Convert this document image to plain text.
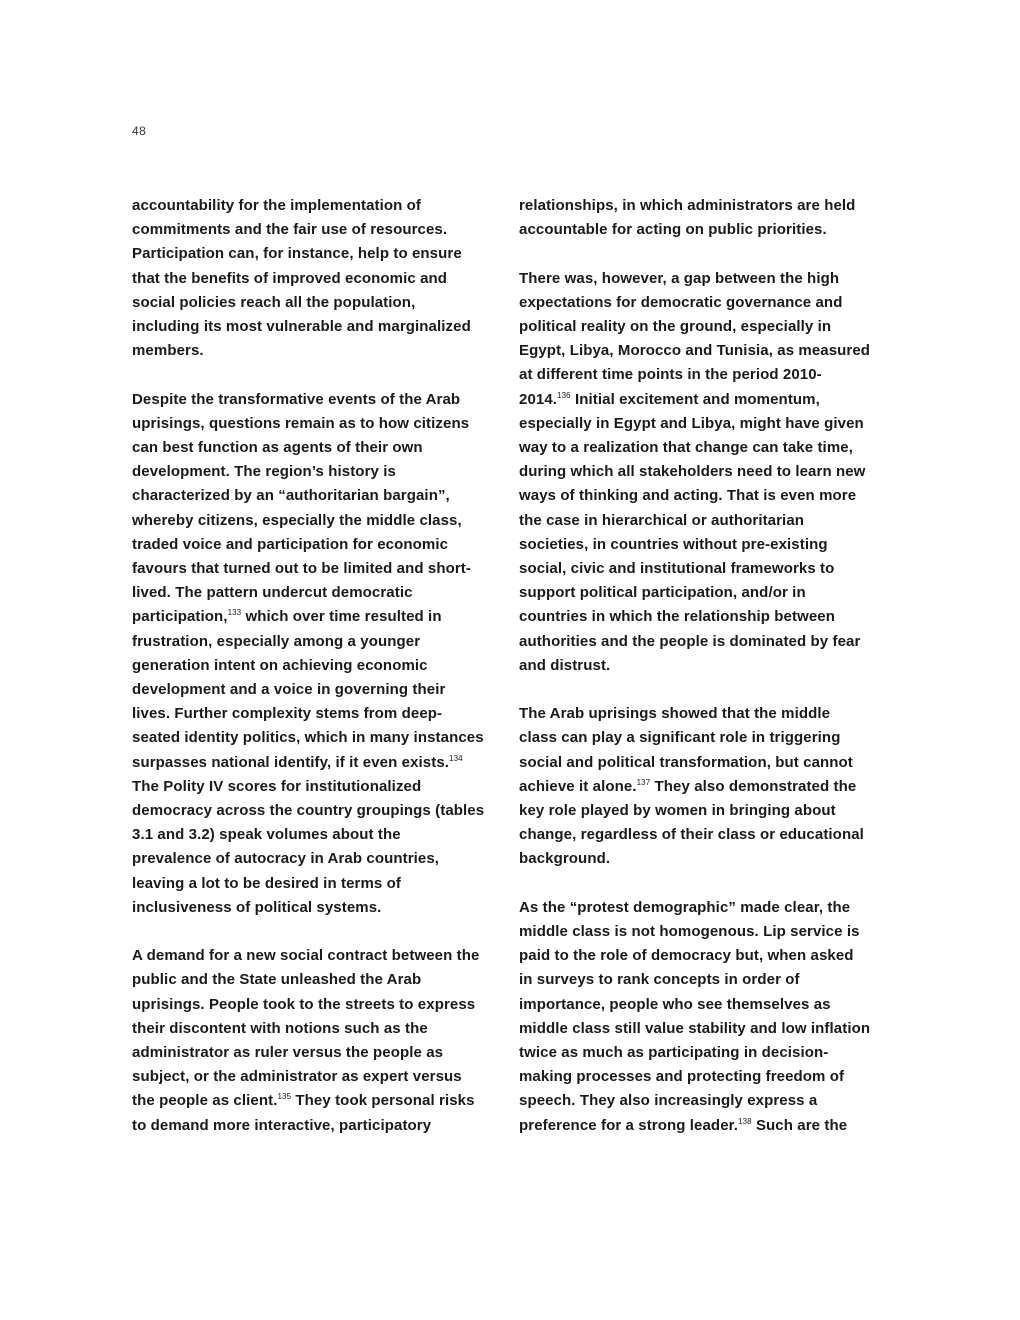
48

accountability for the implementation of
commitments and the fair use of resources.
Participation can, for instance, help to ensure
that the benefits of improved economic and
social policies reach all the population,
including its most vulnerable and marginalized
members.

Despite the transformative events of the Arab
uprisings, questions remain as to how citizens
can best function as agents of their own
development. The region’s history is
characterized by an “authoritarian bargain”,
whereby citizens, especially the middle class,
traded voice and participation for economic
favours that turned out to be limited and short-
lived. The pattern undercut democratic
participation,$^{133}$ which over time resulted in
frustration, especially among a younger
generation intent on achieving economic
development and a voice in governing their
lives. Further complexity stems from deep-
seated identity politics, which in many instances
surpasses national identify, if it even exists.$^{134}$
The Polity IV scores for institutionalized
democracy across the country groupings (tables
3.1 and 3.2) speak volumes about the
prevalence of autocracy in Arab countries,
leaving a lot to be desired in terms of
inclusiveness of political systems.

A demand for a new social contract between the
public and the State unleashed the Arab
uprisings. People took to the streets to express
their discontent with notions such as the
administrator as ruler versus the people as
subject, or the administrator as expert versus
the people as client.$^{135}$ They took personal risks
to demand more interactive, participatory

relationships, in which administrators are held
accountable for acting on public priorities.

There was, however, a gap between the high
expectations for democratic governance and
political reality on the ground, especially in
Egypt, Libya, Morocco and Tunisia, as measured
at different time points in the period 2010-
2014.$^{136}$ Initial excitement and momentum,
especially in Egypt and Libya, might have given
way to a realization that change can take time,
during which all stakeholders need to learn new
ways of thinking and acting. That is even more
the case in hierarchical or authoritarian
societies, in countries without pre-existing
social, civic and institutional frameworks to
support political participation, and/or in
countries in which the relationship between
authorities and the people is dominated by fear
and distrust.

The Arab uprisings showed that the middle
class can play a significant role in triggering
social and political transformation, but cannot
achieve it alone.$^{137}$ They also demonstrated the
key role played by women in bringing about
change, regardless of their class or educational
background.

As the “protest demographic” made clear, the
middle class is not homogenous. Lip service is
paid to the role of democracy but, when asked
in surveys to rank concepts in order of
importance, people who see themselves as
middle class still value stability and low inflation
twice as much as participating in decision-
making processes and protecting freedom of
speech. They also increasingly express a
preference for a strong leader.$^{138}$ Such are the
